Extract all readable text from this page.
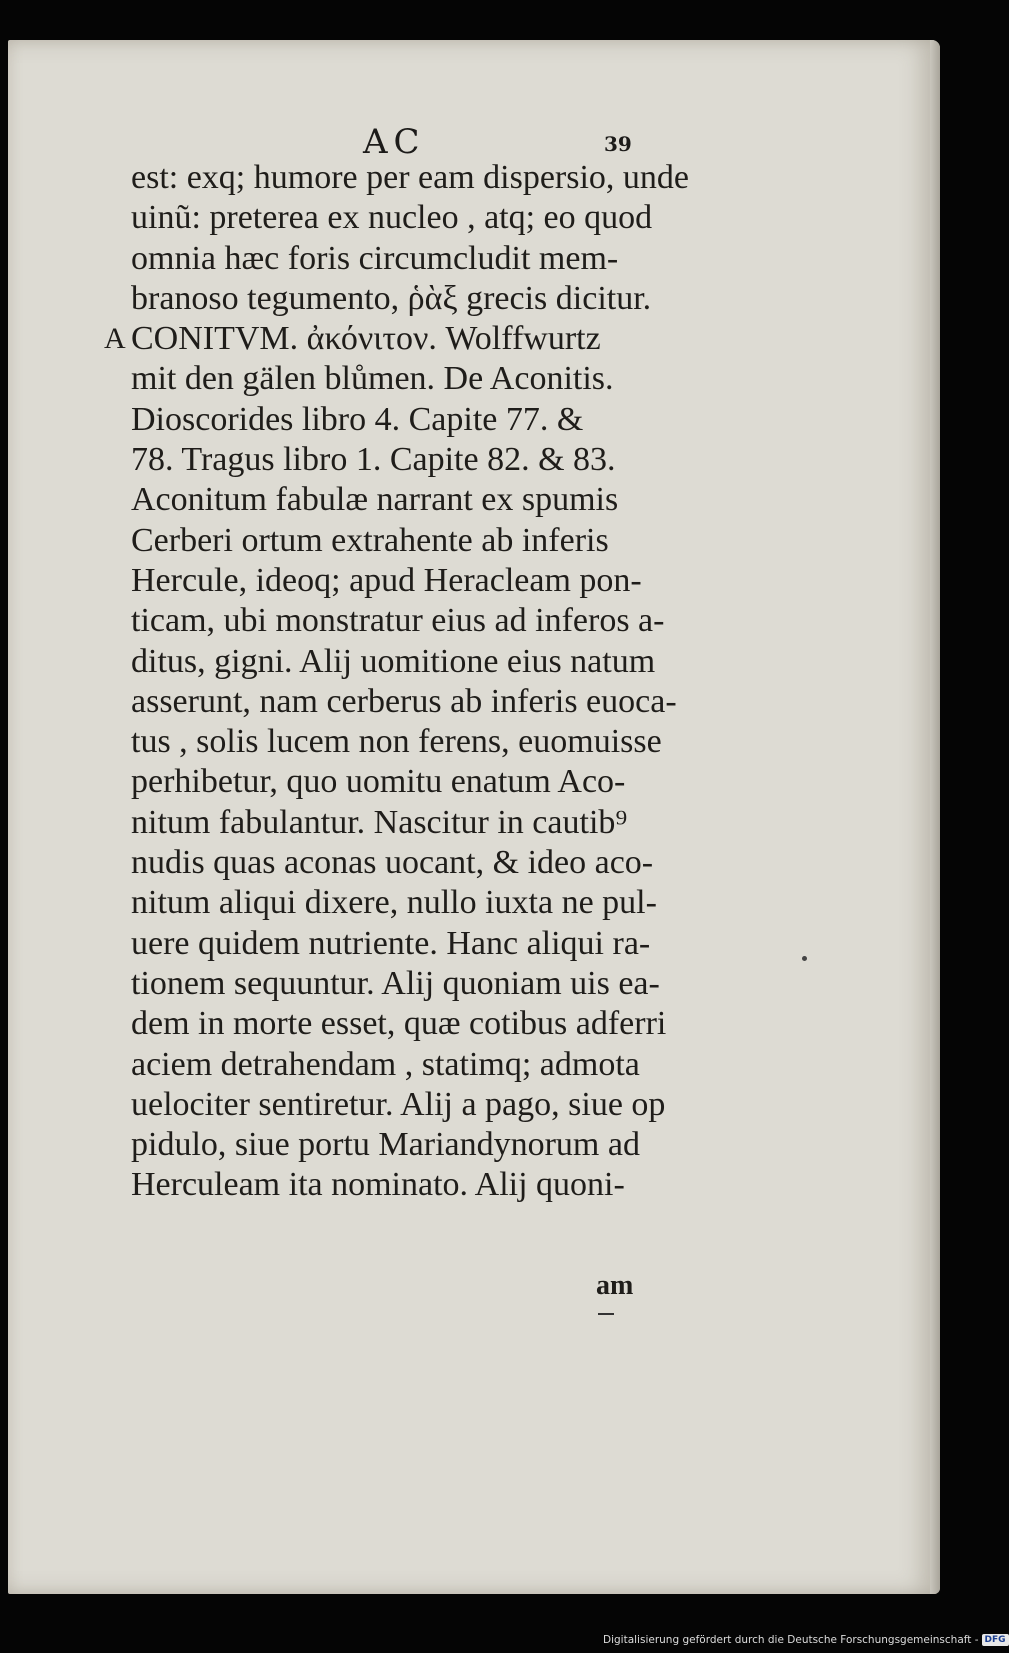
AC	39
est: exq; humore per eam dispersio, unde
uinũ: preterea ex nucleo , atq; eo quod
omnia hæc foris circumcludit mem-
branoso tegumento, ῥὰξ grecis dicitur.
A CONITVM. ἀκόνιτον. Wolffwurtz
mit den gälen blůmen. De Aconitis.
Dioscorides libro 4. Capite 77. &
78. Tragus libro 1. Capite 82. & 83.
Aconitum fabulæ narrant ex spumis
Cerberi ortum extrahente ab inferis
Hercule, ideoq; apud Heracleam pon-
ticam, ubi monstratur eius ad inferos a-
ditus, gigni. Alij uomitione eius natum
asserunt, nam cerberus ab inferis euoca-
tus , solis lucem non ferens, euomuisse
perhibetur, quo uomitu enatum Aco-
nitum fabulantur. Nascitur in cautib⁹
nudis quas aconas uocant, & ideo aco-
nitum aliqui dixere, nullo iuxta ne pul-
uere quidem nutriente. Hanc aliqui ra-
tionem sequuntur. Alij quoniam uis ea-
dem in morte esset, quæ cotibus adferri
aciem detrahendam , statimq; admota
uelociter sentiretur. Alij a pago, siue op
pidulo, siue portu Mariandynorum ad
Herculeam ita nominato. Alij quoni-
am
Digitalisierung gefördert durch die Deutsche Forschungsgemeinschaft - DFG
